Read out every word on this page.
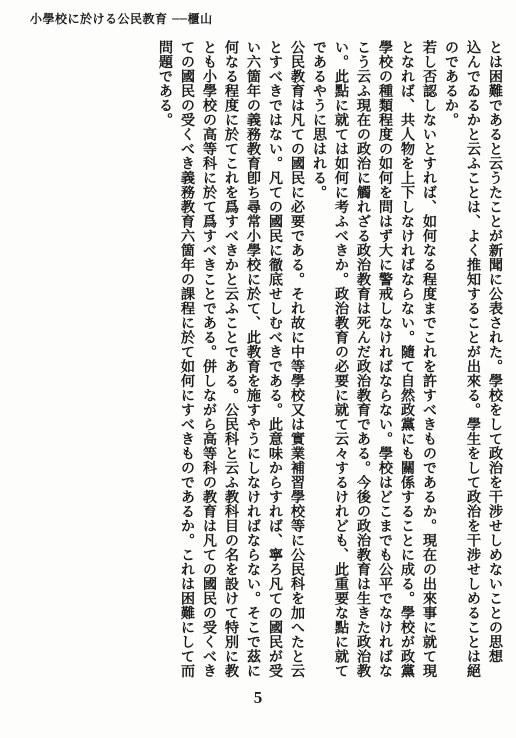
小學校に於ける公民教育 ──櫃山
とは困難であると云うたことが新聞に公表された。學校をして政治を干涉せしめないことの思想
込んでゐるかと云ふことは、よく推知することが出來る。學生をして政治を干涉せしめることは絕
のであるか。
若し否認しないとすれば、如何なる程度までこれを許すべきものであるか。現在の出來事に就て現
となれば、共人物を上下しなければならない。隨て自然政黨にも關係することに成る。學校が政黨
學校の種類程度の如何を問はず大に警戒しなければならない。學校はどこまでも公平でなければな
こう云ふ現在の政治に觸れざる政治教育は死んだ政治教育である。今後の政治教育は生きた政治教
い。此點に就ては如何に考ふべきか。政治教育の必要に就て云々するけれども、此重要な點に就て
であるやうに思はれる。
公民教育は凡ての國民に必要である。それ故に中等學校又は實業補習學校等に公民科を加へたと云
とすべきではない。凡ての國民に徹底せしむべきである。此意味からすれば、寧ろ凡ての國民が受
い六箇年の義務教育卽ち尋常小學校に於て、此教育を施すやうにしなければならない。そこで茲に
何なる程度に於てこれを爲すべきかと云ふことである。公民科と云ふ教科目の名を設けて特別に教
とも小學校の高等科に於て爲すべきことである。併しながら高等科の教育は凡ての國民の受くべき
ての國民の受くべき義務教育六箇年の課程に於て如何にすべきものであるか。これは困難にして而
問題である。
5
